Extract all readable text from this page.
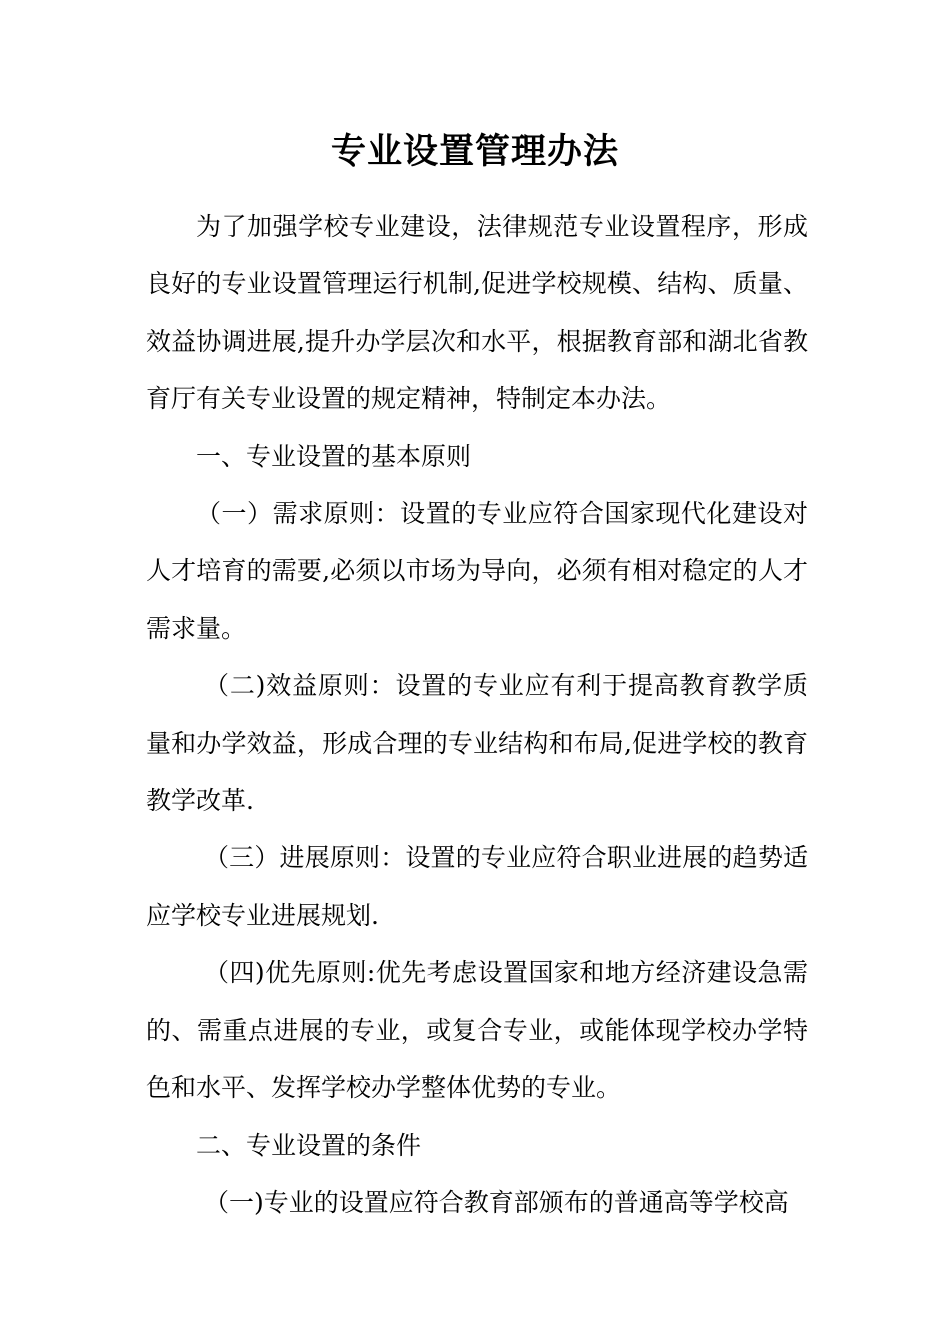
专业设置管理办法

为了加强学校专业建设，法律规范专业设置程序，形成良好的专业设置管理运行机制,促进学校规模、结构、质量、效益协调进展,提升办学层次和水平，根据教育部和湖北省教育厅有关专业设置的规定精神，特制定本办法。

一、专业设置的基本原则

（一）需求原则：设置的专业应符合国家现代化建设对人才培育的需要,必须以市场为导向，必须有相对稳定的人才需求量。

（二)效益原则：设置的专业应有利于提高教育教学质量和办学效益，形成合理的专业结构和布局,促进学校的教育教学改革.

（三）进展原则：设置的专业应符合职业进展的趋势适应学校专业进展规划.

（四)优先原则:优先考虑设置国家和地方经济建设急需的、需重点进展的专业，或复合专业，或能体现学校办学特色和水平、发挥学校办学整体优势的专业。

二、专业设置的条件

（一)专业的设置应符合教育部颁布的普通高等学校高
